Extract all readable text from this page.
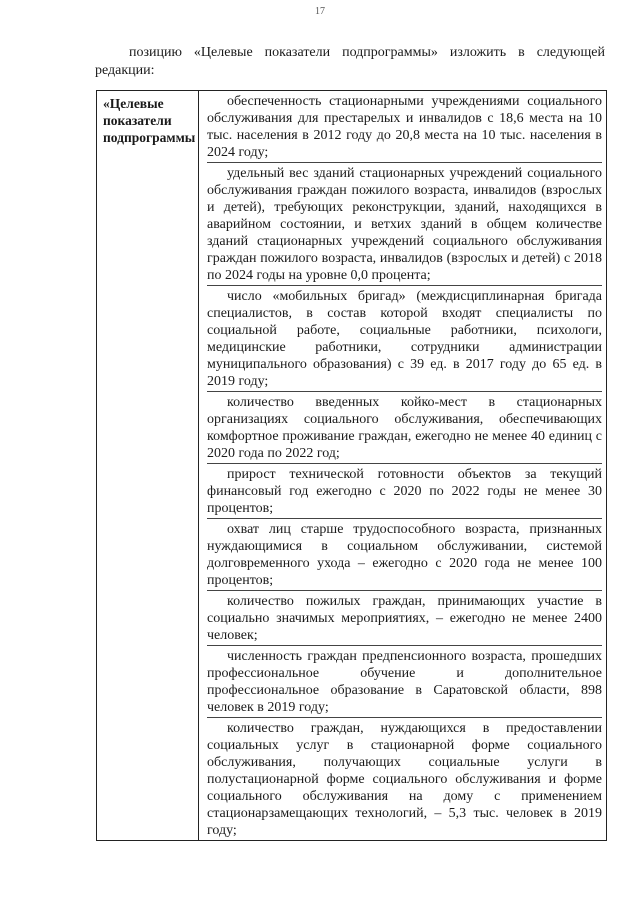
17
позицию «Целевые показатели подпрограммы» изложить в следующей редакции:
«Целевые показатели подпрограммы
обеспеченность стационарными учреждениями социального обслуживания для престарелых и инвалидов с 18,6 места на 10 тыс. населения в 2012 году до 20,8 места на 10 тыс. населения в 2024 году;
удельный вес зданий стационарных учреждений социального обслуживания граждан пожилого возраста, инвалидов (взрослых и детей), требующих реконструкции, зданий, находящихся в аварийном состоянии, и ветхих зданий в общем количестве зданий стационарных учреждений социального обслуживания граждан пожилого возраста, инвалидов (взрослых и детей) с 2018 по 2024 годы на уровне 0,0 процента;
число «мобильных бригад» (междисциплинарная бригада специалистов, в состав которой входят специалисты по социальной работе, социальные работники, психологи, медицинские работники, сотрудники администрации муниципального образования) с 39 ед. в 2017 году до 65 ед. в 2019 году;
количество введенных койко-мест в стационарных организациях социального обслуживания, обеспечивающих комфортное проживание граждан, ежегодно не менее 40 единиц с 2020 года по 2022 год;
прирост технической готовности объектов за текущий финансовый год ежегодно с 2020 по 2022 годы не менее 30 процентов;
охват лиц старше трудоспособного возраста, признанных нуждающимися в социальном обслуживании, системой долговременного ухода – ежегодно с 2020 года не менее 100 процентов;
количество пожилых граждан, принимающих участие в социально значимых мероприятиях, – ежегодно не менее 2400 человек;
численность граждан предпенсионного возраста, прошедших профессиональное обучение и дополнительное профессиональное образование в Саратовской области, 898 человек в 2019 году;
количество граждан, нуждающихся в предоставлении социальных услуг в стационарной форме социального обслуживания, получающих социальные услуги в полустационарной форме социального обслуживания и форме социального обслуживания на дому с применением стационарзамещающих технологий, – 5,3 тыс. человек в 2019 году;
